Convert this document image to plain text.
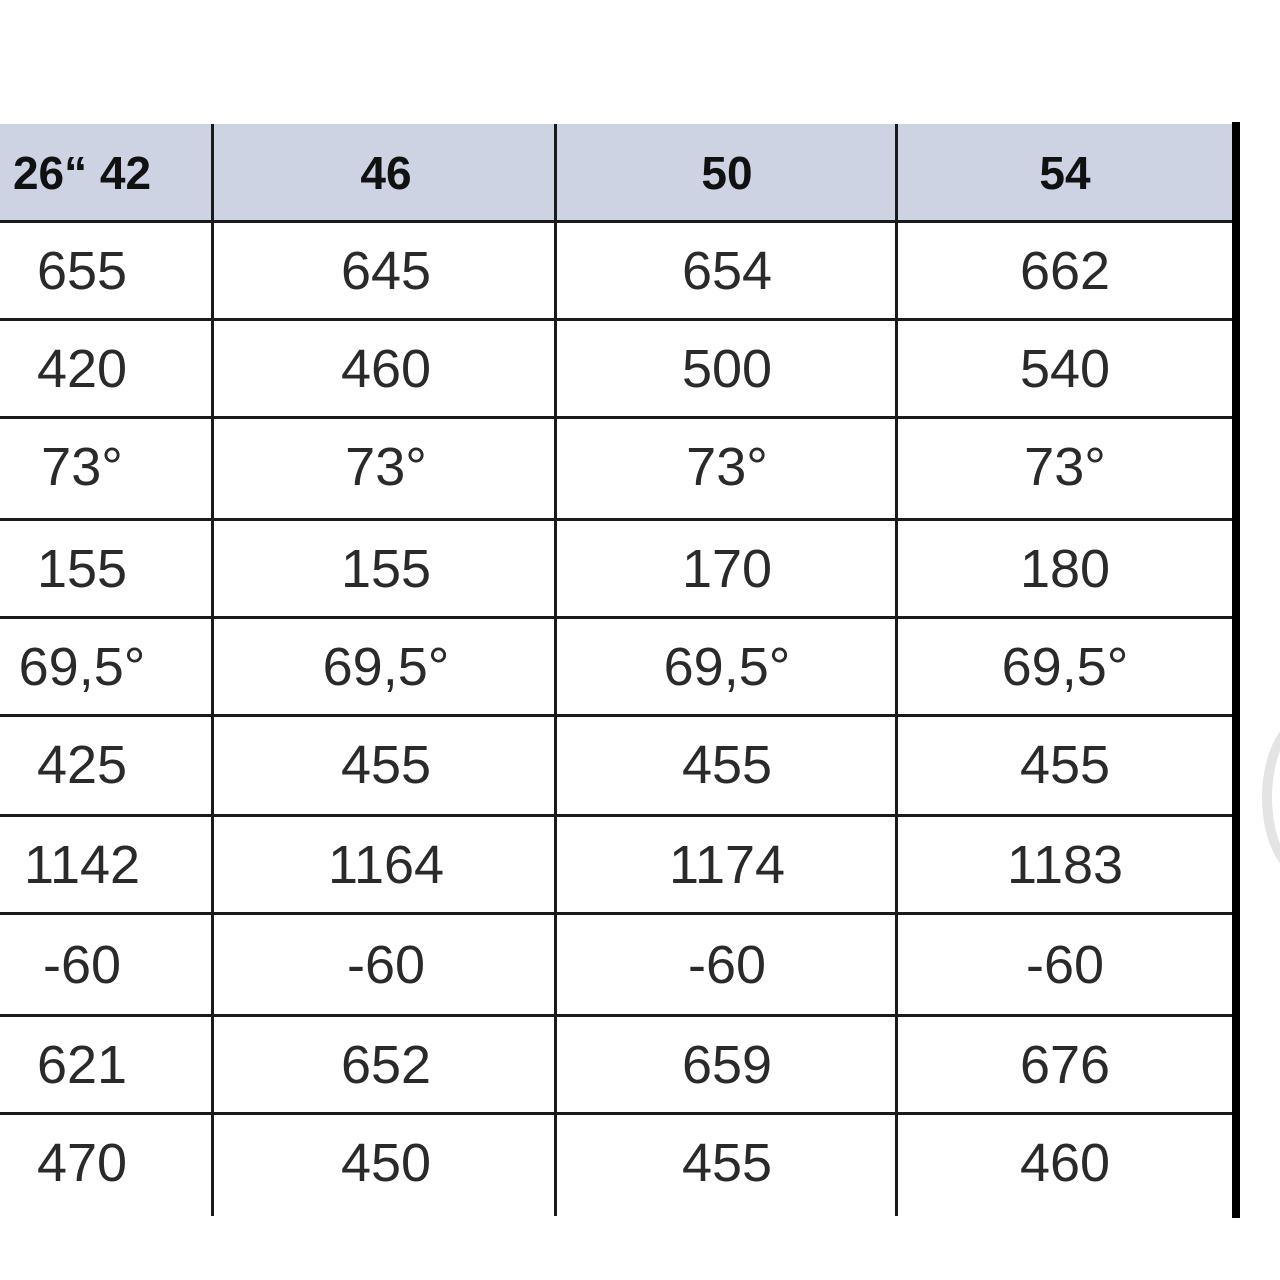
26“ 42	46	50	54
655	645	654	662
420	460	500	540
73°	73°	73°	73°
155	155	170	180
69,5°	69,5°	69,5°	69,5°
425	455	455	455
1142	1164	1174	1183
-60	-60	-60	-60
621	652	659	676
470	450	455	460
